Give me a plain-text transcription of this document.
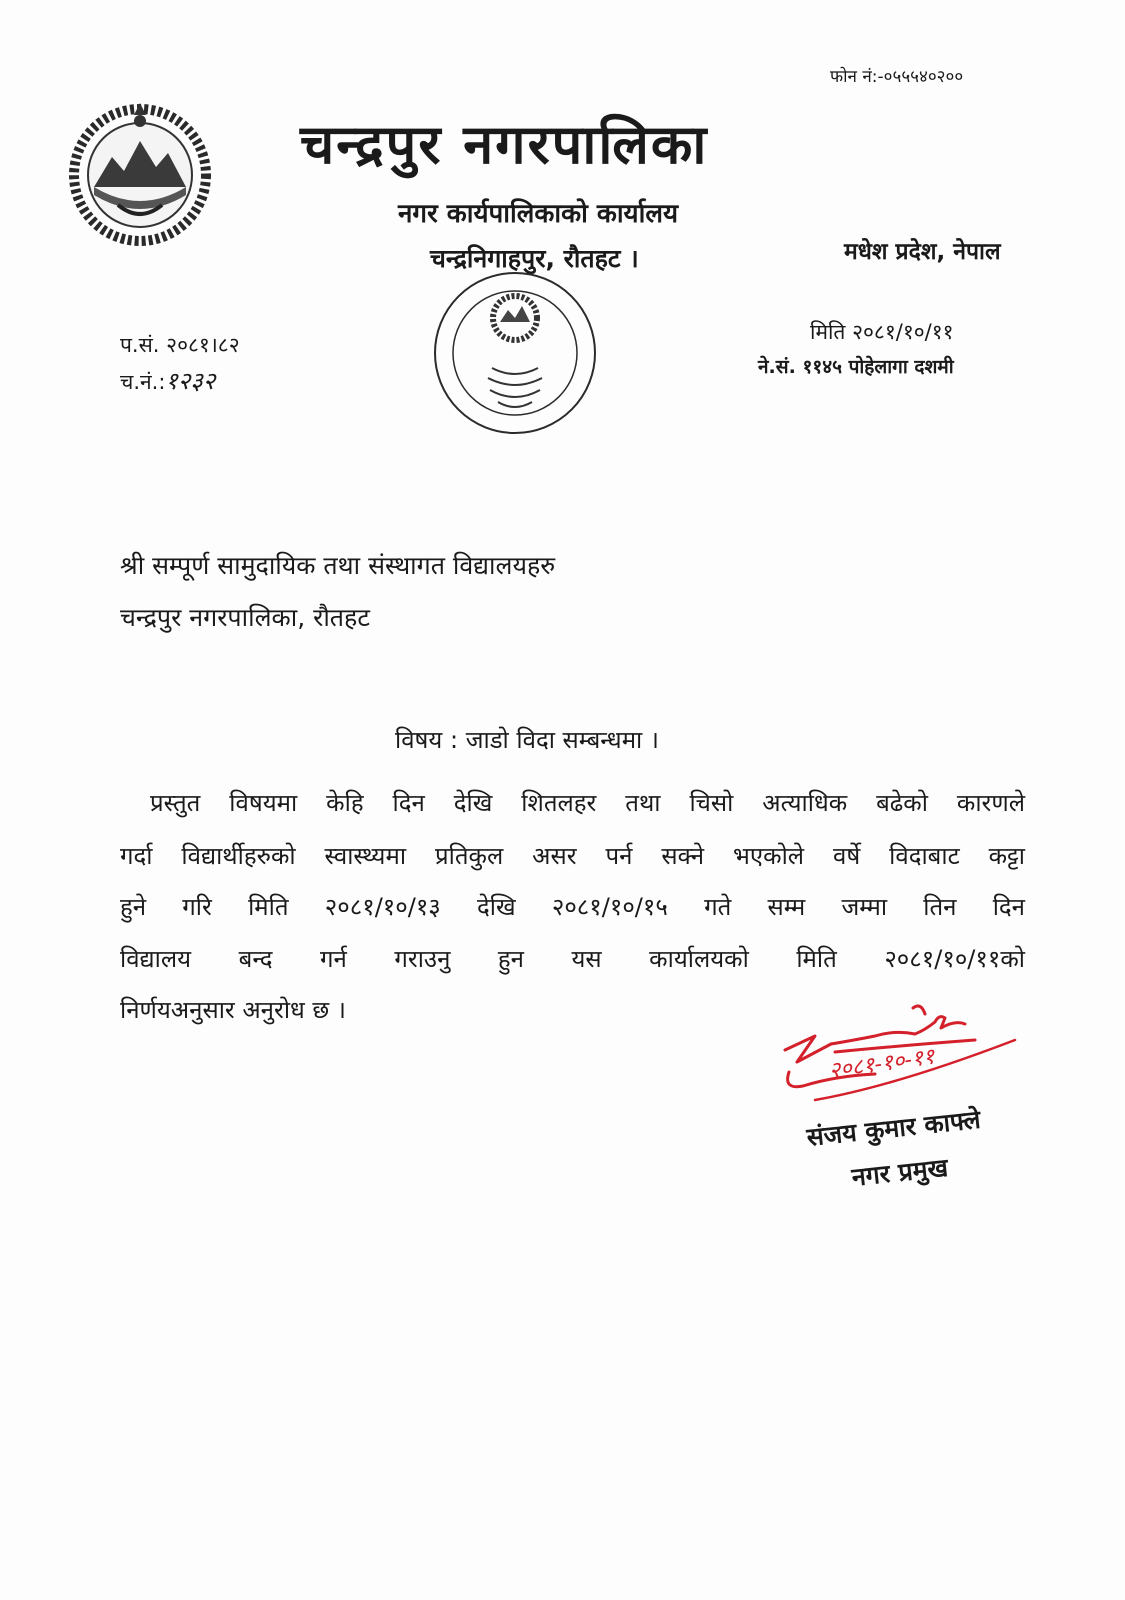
फोन नं:-०५५५४०२००
चन्द्रपुर नगरपालिका
नगर कार्यपालिकाको कार्यालय
चन्द्रनिगाहपुर, रौतहट ।	मधेश प्रदेश, नेपाल
प.सं. २०८१।८२
च.नं.:१२३२
मिति २०८१/१०/११
ने.सं. ११४५ पोहेलागा दशमी
श्री सम्पूर्ण सामुदायिक तथा संस्थागत विद्यालयहरु
चन्द्रपुर नगरपालिका, रौतहट
विषय : जाडो विदा सम्बन्धमा ।
प्रस्तुत विषयमा केहि दिन देखि शितलहर तथा चिसो अत्याधिक बढेको कारणले
गर्दा विद्यार्थीहरुको स्वास्थ्यमा प्रतिकुल असर पर्न सक्ने भएकोले वर्षे विदाबाट कट्टा
हुने गरि मिति २०८१/१०/१३ देखि २०८१/१०/१५ गते सम्म जम्मा तिन दिन
विद्यालय बन्द गर्न गराउनु हुन यस कार्यालयको मिति २०८१/१०/११को
निर्णयअनुसार अनुरोध छ ।
२०८१-१०-११
संजय कुमार काफ्ले
नगर प्रमुख
